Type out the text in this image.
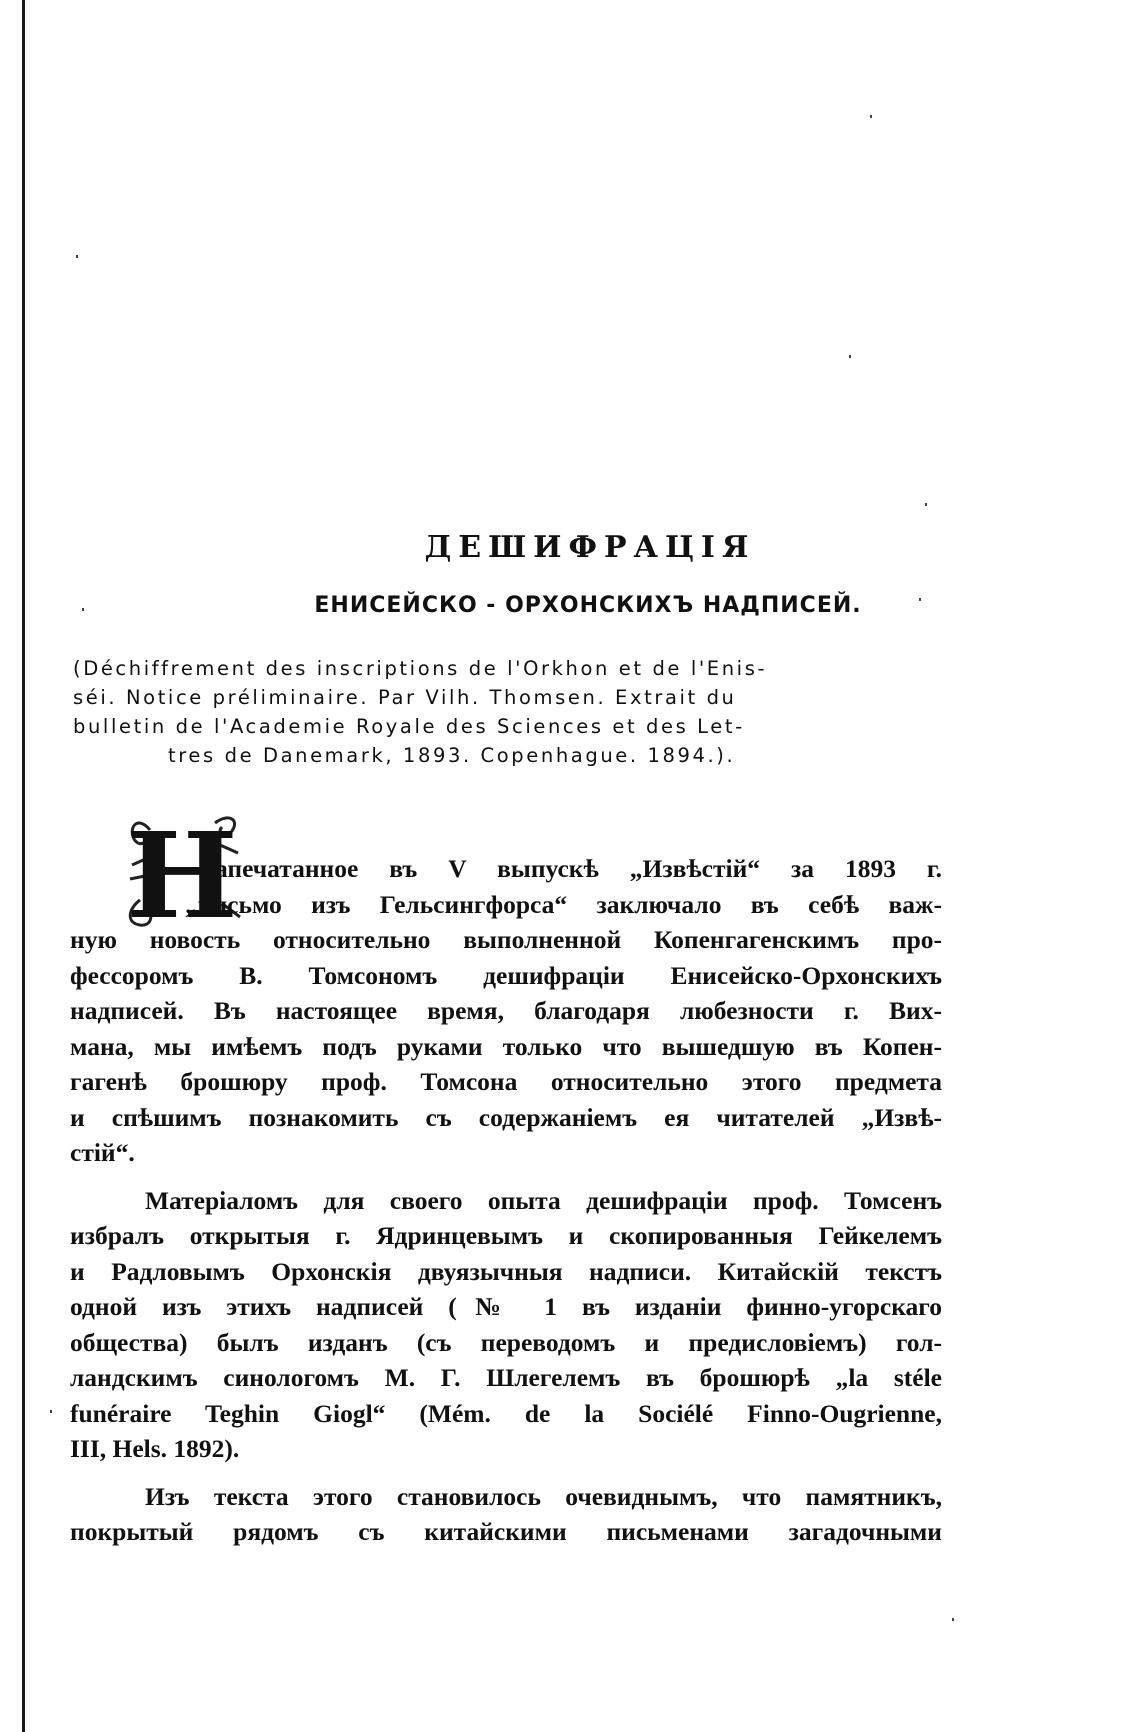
ДЕШИФРАЦІЯ
ЕНИСЕЙСКО - ОРХОНСКИХЪ НАДПИСЕЙ.

(Déchiffrement des inscriptions de l'Orkhon et de l'Enis-

séi. Notice préliminaire. Par Vilh. Thomsen. Extrait du

bulletin de l'Academie Royale des Sciences et des Let-

tres de Danemark, 1893. Copenhague. 1894.).

Н
апечатанное въ V выпускѣ „Извѣстій“ за 1893 г.
„письмо изъ Гельсингфорса“ заключало въ себѣ важ-
ную новость относительно выполненной Копенгагенскимъ про-
фессоромъ В. Томсономъ дешифраціи Енисейско-Орхонскихъ
надписей. Въ настоящее время, благодаря любезности г. Вих-
мана, мы имѣемъ подъ руками только что вышедшую въ Копен-
гагенѣ брошюру проф. Томсона относительно этого предмета
и спѣшимъ познакомить съ содержаніемъ ея читателей „Извѣ-
стій“.
Матеріаломъ для своего опыта дешифраціи проф. Томсенъ
избралъ открытыя г. Ядринцевымъ и скопированныя Гейкелемъ
и Радловымъ Орхонскія двуязычныя надписи. Китайскій текстъ
одной изъ этихъ надписей (№ 1 въ изданіи финно-угорскаго
общества) былъ изданъ (съ переводомъ и предисловіемъ) гол-
ландскимъ синологомъ М. Г. Шлегелемъ въ брошюрѣ „la stéle
funéraire Teghin Giogl“ (Mém. de la Sociélé Finno-Ougrienne,
III, Hels. 1892).
Изъ текста этого становилось очевиднымъ, что памятникъ,
покрытый рядомъ съ китайскими письменами загадочными
